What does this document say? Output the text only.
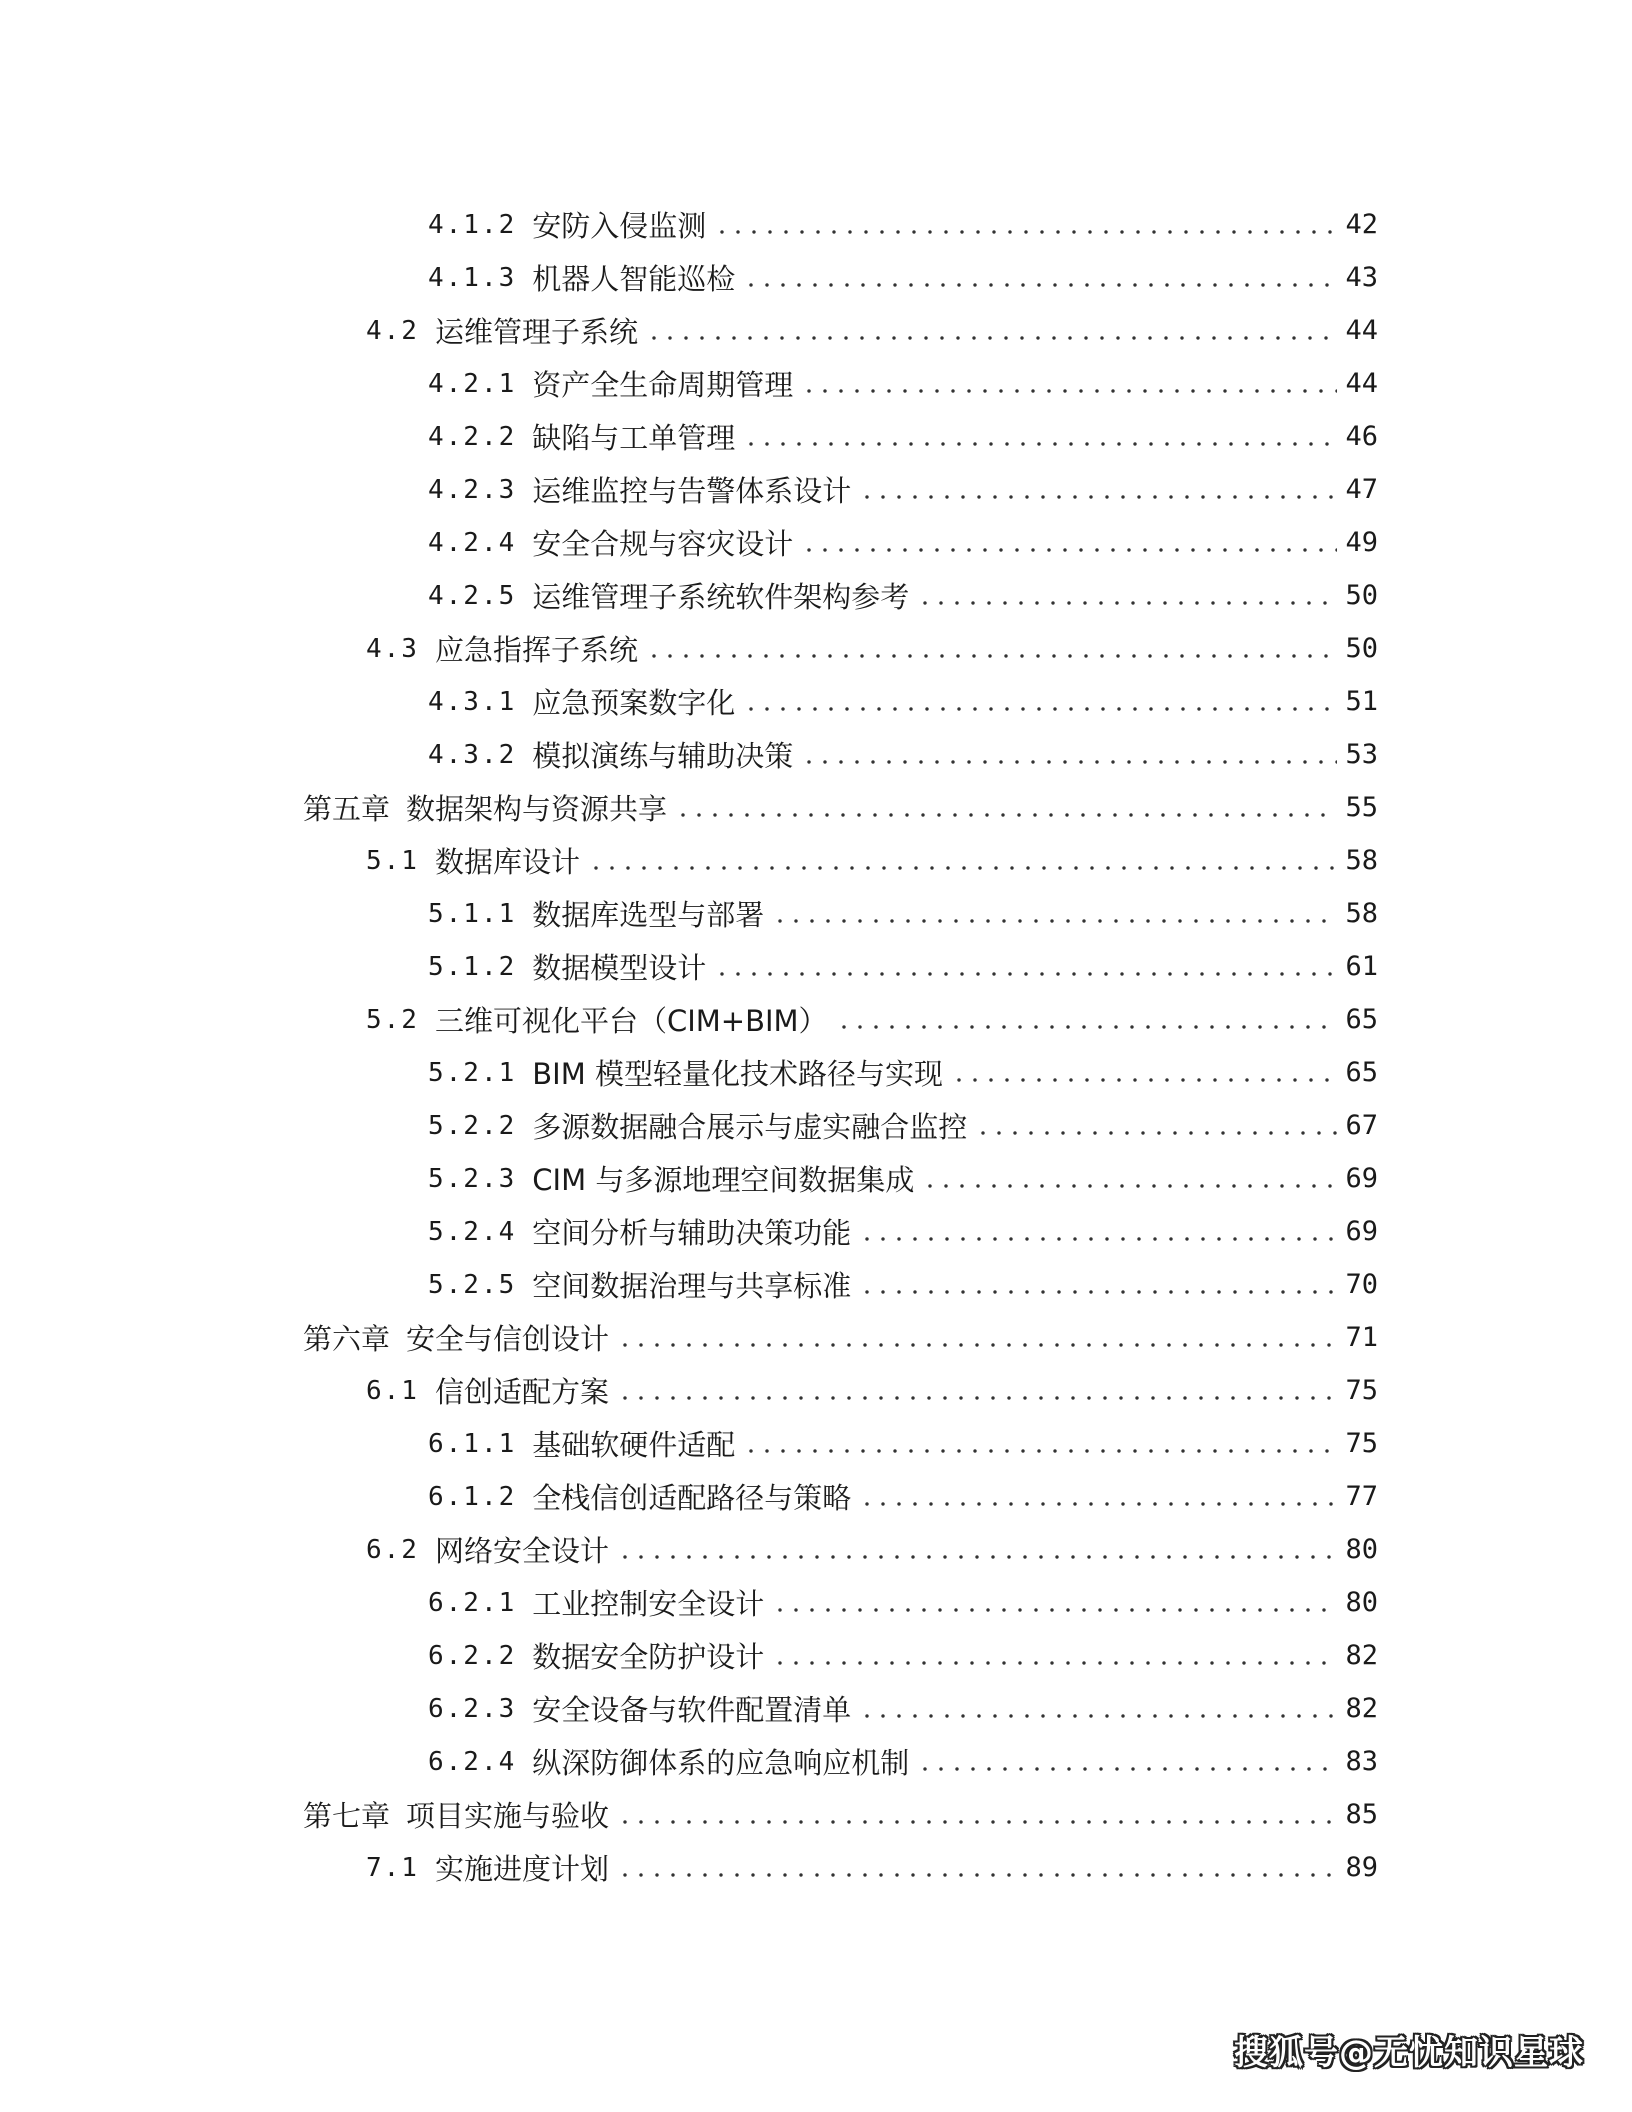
4.1.2 安防入侵监测	42
4.1.3 机器人智能巡检	43
4.2 运维管理子系统	44
4.2.1 资产全生命周期管理	44
4.2.2 缺陷与工单管理	46
4.2.3 运维监控与告警体系设计	47
4.2.4 安全合规与容灾设计	49
4.2.5 运维管理子系统软件架构参考	50
4.3 应急指挥子系统	50
4.3.1 应急预案数字化	51
4.3.2 模拟演练与辅助决策	53
第五章 数据架构与资源共享	55
5.1 数据库设计	58
5.1.1 数据库选型与部署	58
5.1.2 数据模型设计	61
5.2 三维可视化平台（CIM+BIM）	65
5.2.1 BIM 模型轻量化技术路径与实现	65
5.2.2 多源数据融合展示与虚实融合监控	67
5.2.3 CIM 与多源地理空间数据集成	69
5.2.4 空间分析与辅助决策功能	69
5.2.5 空间数据治理与共享标准	70
第六章 安全与信创设计	71
6.1 信创适配方案	75
6.1.1 基础软硬件适配	75
6.1.2 全栈信创适配路径与策略	77
6.2 网络安全设计	80
6.2.1 工业控制安全设计	80
6.2.2 数据安全防护设计	82
6.2.3 安全设备与软件配置清单	82
6.2.4 纵深防御体系的应急响应机制	83
第七章 项目实施与验收	85
7.1 实施进度计划	89
搜狐号@无忧知识星球
